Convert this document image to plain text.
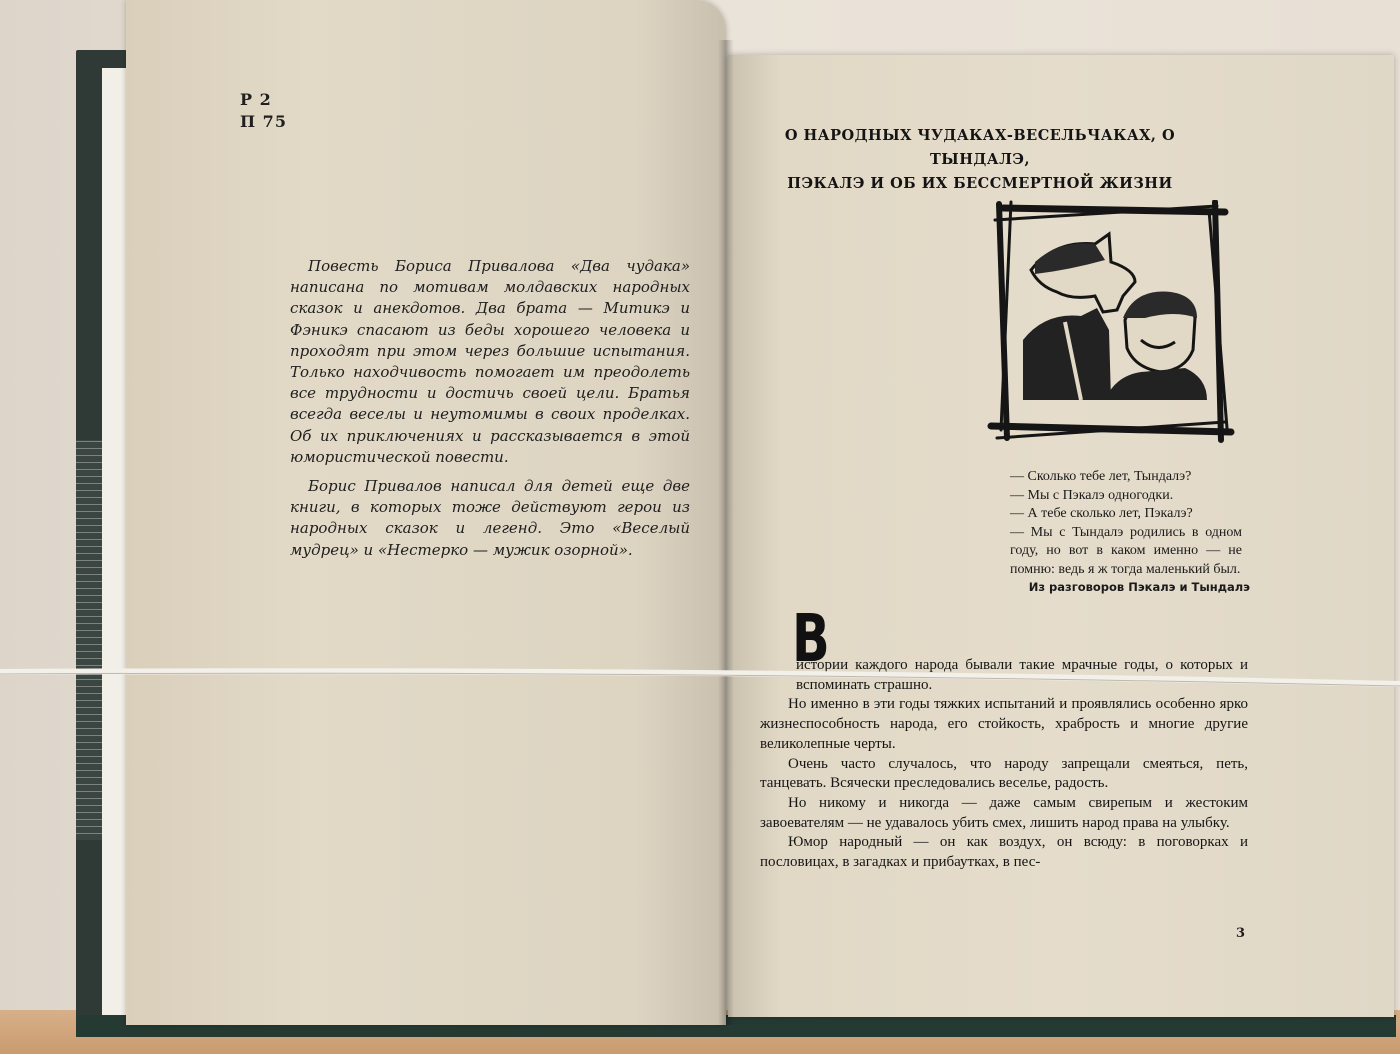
Р 2
П 75

Повесть Бориса Привалова «Два чудака» написана по мотивам молдавских народных сказок и анекдотов. Два брата — Митикэ и Фэникэ спасают из беды хорошего человека и проходят при этом через большие испытания. Только находчивость помогает им преодолеть все трудности и достичь своей цели. Братья всегда веселы и неутомимы в своих проделках. Об их приключениях и рассказывается в этой юмористической повести.

Борис Привалов написал для детей еще две книги, в которых тоже действуют герои из народных сказок и легенд. Это «Веселый мудрец» и «Нестерко — мужик озорной».

О НАРОДНЫХ ЧУДАКАХ-ВЕСЕЛЬЧАКАХ, О ТЫНДАЛЭ,
ПЭКАЛЭ И ОБ ИХ БЕССМЕРТНОЙ ЖИЗНИ
— Сколько тебе лет, Тындалэ?
— Мы с Пэкалэ одногодки.
— А тебе сколько лет, Пэкалэ?
— Мы с Тындалэ родились в одном году, но вот в каком именно — не помню: ведь я ж тогда маленький был.
Из разговоров Пэкалэ и Тындалэ
В

истории каждого народа бывали такие мрачные годы, о которых и вспоминать страшно.

Но именно в эти годы тяжких испытаний и проявлялись особенно ярко жизнеспособность народа, его стойкость, храбрость и многие другие великолепные черты.

Очень часто случалось, что народу запрещали смеяться, петь, танцевать. Всячески преследовались веселье, радость.

Но никому и никогда — даже самым свирепым и жестоким завоевателям — не удавалось убить смех, лишить народ права на улыбку.

Юмор народный — он как воздух, он всюду: в поговорках и пословицах, в загадках и прибаутках, в пес-

3
